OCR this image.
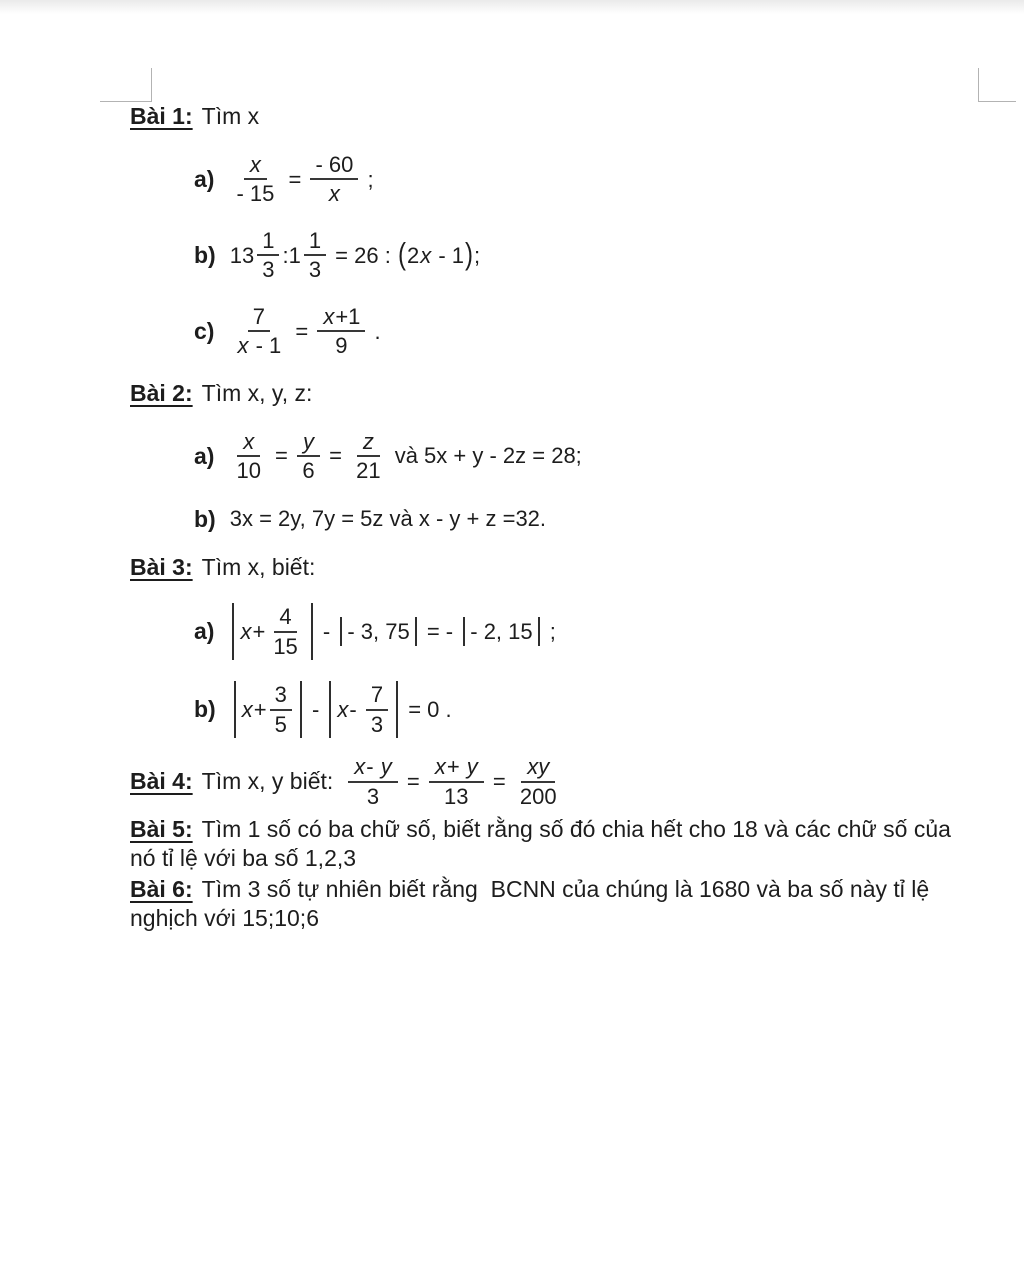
Bài 1: Tìm x
$a) \frac{x}{- 15} = \frac{- 60}{x}$ ;
b) $13 \frac{1}{3}$ :1 $\frac{1}{3} = 26$ : ( 2 x - 1 ) ;
$c) \frac{7}{x - 1} = \frac{x +1}{9}$ .
Bài 2: Tìm x, y, z:
$a) \frac{x}{10} = \frac{y}{6} = \frac{z}{21}$ và 5x + y - 2z = 28;
b) 3x = 2y, 7y = 5z và x - y + z =32.
Bài 3: Tìm x, biết:
a) $x + \frac{4}{15}$ - - 3, 75 = - - 2, 15 ;
b) $x + \frac{3}{5} - x - \frac{7}{3} = 0$ .
Bài 4: Tìm x, y biết: $\frac{x - y}{3} = \frac{x + y}{13} = \frac{xy}{200}$

Bài 5: Tìm 1 số có ba chữ số, biết rằng số đó chia hết cho 18 và các chữ số của nó tỉ lệ với ba số 1,2,3

Bài 6: Tìm 3 số tự nhiên biết rằng  BCNN của chúng là 1680 và ba số này tỉ lệ nghịch với 15;10;6
